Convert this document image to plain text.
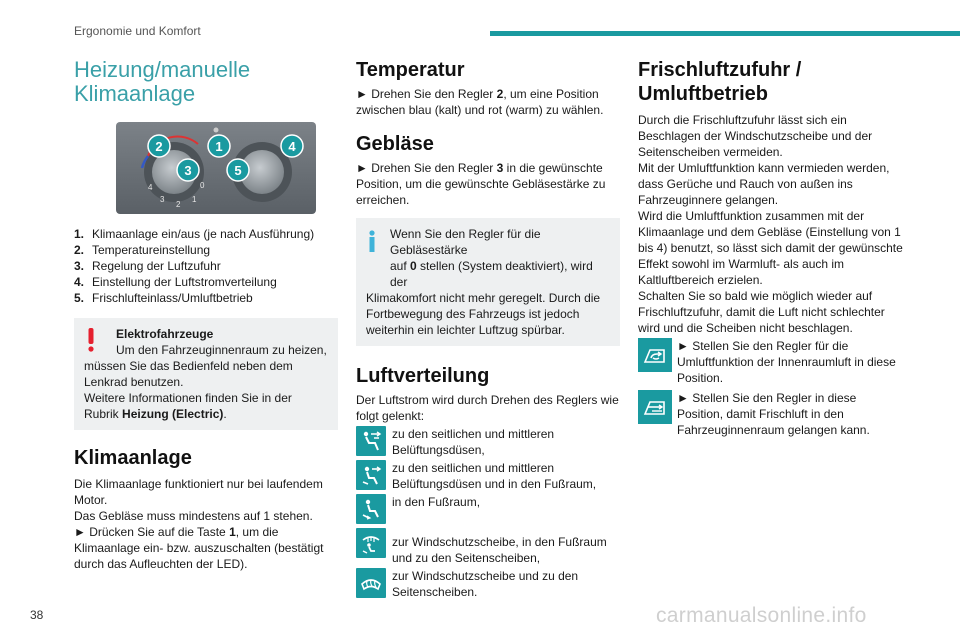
Ergonomie und Komfort
Heizung/manuelle Klimaanlage
2	1	4
3	5
4
3
2
1
0
1. Klimaanlage ein/aus (je nach Ausführung)
2. Temperatureinstellung
3. Regelung der Luftzufuhr
4. Einstellung der Luftstromverteilung
5. Frischlufteinlass/Umluftbetrieb

Elektrofahrzeuge

Um den Fahrzeuginnenraum zu heizen,

müssen Sie das Bedienfeld neben dem Lenkrad benutzen.

Weitere Informationen finden Sie in der Rubrik Heizung (Electric).

Klimaanlage

Die Klimaanlage funktioniert nur bei laufendem Motor.

Das Gebläse muss mindestens auf 1 stehen.

► Drücken Sie auf die Taste 1, um die Klimaanlage ein- bzw. auszuschalten (bestätigt durch das Aufleuchten der LED).

Temperatur

► Drehen Sie den Regler 2, um eine Position zwischen blau (kalt) und rot (warm) zu wählen.

Gebläse

► Drehen Sie den Regler 3 in die gewünschte Position, um die gewünschte Gebläsestärke zu erreichen.

Wenn Sie den Regler für die Gebläsestärke

auf 0 stellen (System deaktiviert), wird der

Klimakomfort nicht mehr geregelt. Durch die Fortbewegung des Fahrzeugs ist jedoch weiterhin ein leichter Luftzug spürbar.

Luftverteilung

Der Luftstrom wird durch Drehen des Reglers wie folgt gelenkt:

zu den seitlichen und mittleren Belüftungsdüsen,

zu den seitlichen und mittleren Belüftungsdüsen und in den Fußraum,

in den Fußraum,

zur Windschutzscheibe, in den Fußraum und zu den Seitenscheiben,

zur Windschutzscheibe und zu den Seitenscheiben.

Frischluftzufuhr / Umluftbetrieb

Durch die Frischluftzufuhr lässt sich ein Beschlagen der Windschutzscheibe und der Seitenscheiben vermeiden.

Mit der Umluftfunktion kann vermieden werden, dass Gerüche und Rauch von außen ins Fahrzeuginnere gelangen.

Wird die Umluftfunktion zusammen mit der Klimaanlage und dem Gebläse (Einstellung von 1 bis 4) benutzt, so lässt sich damit der gewünschte Effekt sowohl im Warmluft- als auch im Kaltluftbereich erzielen.

Schalten Sie so bald wie möglich wieder auf Frischluftzufuhr, damit die Luft nicht schlechter wird und die Scheiben nicht beschlagen.

► Stellen Sie den Regler für die Umluftfunktion der Innenraumluft in diese Position.

► Stellen Sie den Regler in diese Position, damit Frischluft in den Fahrzeuginnenraum gelangen kann.

38	carmanualsonline.info
